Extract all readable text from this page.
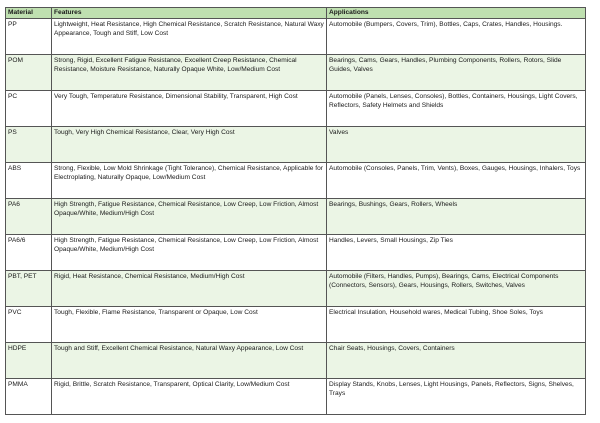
Material	Features	Applications
PP	Lightweight, Heat Resistance, High Chemical Resistance, Scratch Resistance, Natural Waxy Appearance, Tough and Stiff, Low Cost	Automobile (Bumpers, Covers, Trim), Bottles, Caps, Crates, Handles, Housings.
POM	Strong, Rigid, Excellent Fatigue Resistance, Excellent Creep Resistance, Chemical Resistance, Moisture Resistance, Naturally Opaque White, Low/Medium Cost	Bearings, Cams, Gears, Handles, Plumbing Components, Rollers, Rotors, Slide Guides, Valves
PC	Very Tough, Temperature Resistance, Dimensional Stability, Transparent, High Cost	Automobile (Panels, Lenses, Consoles), Bottles, Containers, Housings, Light Covers, Reflectors, Safety Helmets and Shields
PS	Tough, Very High Chemical Resistance, Clear, Very High Cost	Valves
ABS	Strong, Flexible, Low Mold Shrinkage (Tight Tolerance), Chemical Resistance, Applicable for Electroplating, Naturally Opaque, Low/Medium Cost	Automobile (Consoles, Panels, Trim, Vents), Boxes, Gauges, Housings, Inhalers, Toys
PA6	High Strength, Fatigue Resistance, Chemical Resistance, Low Creep, Low Friction, Almost Opaque/White, Medium/High Cost	Bearings, Bushings, Gears, Rollers, Wheels
PA6/6	High Strength, Fatigue Resistance, Chemical Resistance, Low Creep, Low Friction, Almost Opaque/White, Medium/High Cost	Handles, Levers, Small Housings, Zip Ties
PBT, PET	Rigid, Heat Resistance, Chemical Resistance, Medium/High Cost	Automobile (Filters, Handles, Pumps), Bearings, Cams, Electrical Components (Connectors, Sensors), Gears, Housings, Rollers, Switches, Valves
PVC	Tough, Flexible, Flame Resistance, Transparent or Opaque, Low Cost	Electrical Insulation, Household wares, Medical Tubing, Shoe Soles, Toys
HDPE	Tough and Stiff, Excellent Chemical Resistance, Natural Waxy Appearance, Low Cost	Chair Seats, Housings, Covers, Containers
PMMA	Rigid, Brittle, Scratch Resistance, Transparent, Optical Clarity, Low/Medium Cost	Display Stands, Knobs, Lenses, Light Housings, Panels, Reflectors, Signs, Shelves, Trays
